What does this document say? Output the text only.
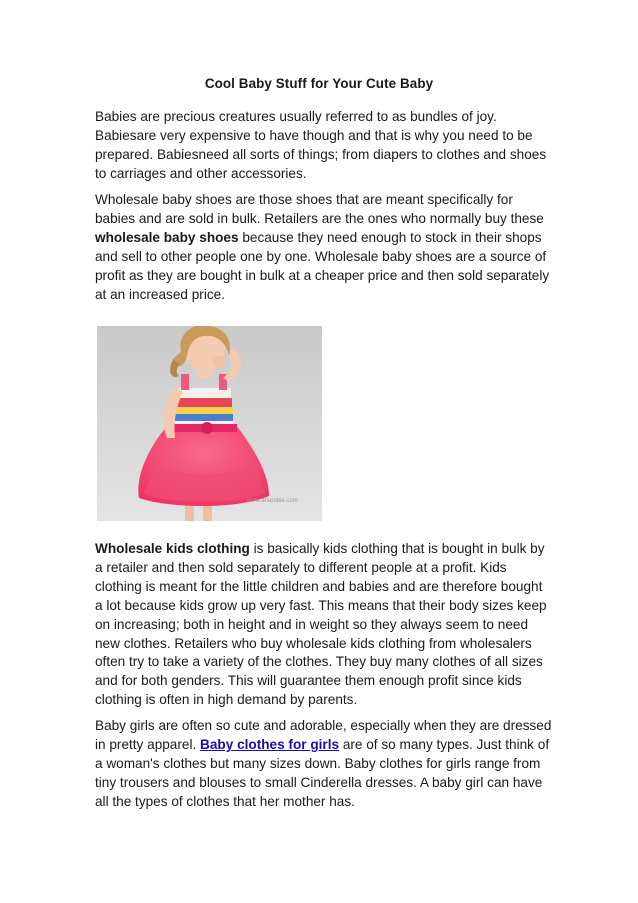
Cool Baby Stuff for Your Cute Baby

Babies are precious creatures usually referred to as bundles of joy. Babiesare very expensive to have though and that is why you need to be prepared. Babiesneed all sorts of things; from diapers to clothes and shoes to carriages and other accessories.

Wholesale baby shoes are those shoes that are meant specifically for babies and are sold in bulk. Retailers are the ones who normally buy these wholesale baby shoes because they need enough to stock in their shops and sell to other people one by one. Wholesale baby shoes are a source of profit as they are bought in bulk at a cheaper price and then sold separately at an increased price.

www.anarobie.com

Wholesale kids clothing is basically kids clothing that is bought in bulk by a retailer and then sold separately to different people at a profit. Kids clothing is meant for the little children and babies and are therefore bought a lot because kids grow up very fast. This means that their body sizes keep on increasing; both in height and in weight so they always seem to need new clothes. Retailers who buy wholesale kids clothing from wholesalers often try to take a variety of the clothes. They buy many clothes of all sizes and for both genders. This will guarantee them enough profit since kids clothing is often in high demand by parents.

Baby girls are often so cute and adorable, especially when they are dressed in pretty apparel. Baby clothes for girls are of so many types. Just think of a woman's clothes but many sizes down. Baby clothes for girls range from tiny trousers and blouses to small Cinderella dresses. A baby girl can have all the types of clothes that her mother has.
